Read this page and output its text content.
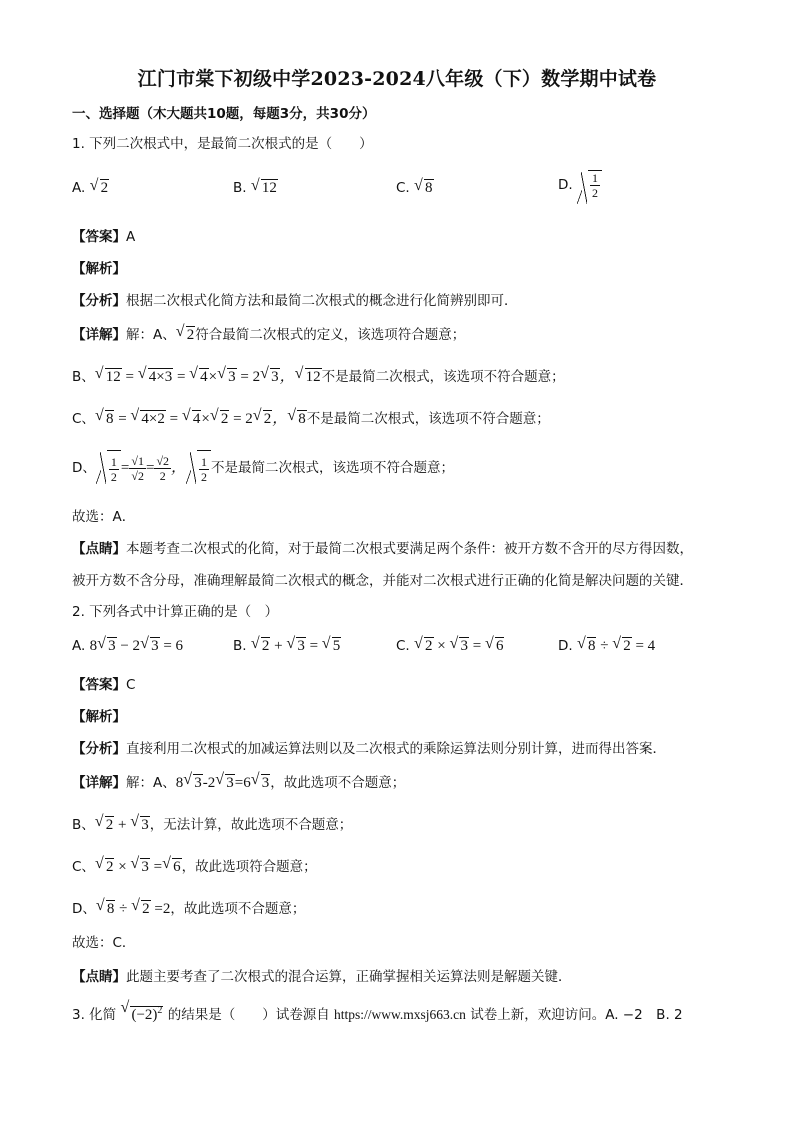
江门市棠下初级中学2023-2024八年级（下）数学期中试卷
一、选择题（木大题共10题，每题3分，共30分）
1. 下列二次根式中，是最简二次根式的是（　　）
A. √ 2	B. √ 12	C. √ 8	D. $\frac{1}{2}$
【答案】A
【解析】
【分析】根据二次根式化简方法和最简二次根式的概念进行化简辨别即可．
【详解】解：A、 √ 2符合最简二次根式的定义，该选项符合题意；
B、 √ 12 = √ 4×3 = √ 4× √ 3 = 2 √ 3， √ 12不是最简二次根式，该选项不符合题意；
C、 √ 8 = √ 4×2 = √ 4× √ 2 = 2 √ 2， √ 8不是最简二次根式，该选项不符合题意；
D、 $\frac{1}{2} = \frac{√1}{√2} = \frac{√2}{2}$ ， $\frac{1}{2}$ 不是最简二次根式，该选项不符合题意；
故选：A．
【点睛】本题考查二次根式的化简，对于最简二次根式要满足两个条件：被开方数不含开的尽方得因数，
被开方数不含分母，准确理解最简二次根式的概念，并能对二次根式进行正确的化简是解决问题的关键．
2. 下列各式中计算正确的是（　）
A. 8 √ 3 − 2 √ 3 = 6	B. √ 2 + √ 3 = √ 5	C. √ 2 × √ 3 = √ 6	D. √ 8 ÷ √ 2 = 4
【答案】C
【解析】
【分析】直接利用二次根式的加减运算法则以及二次根式的乘除运算法则分别计算，进而得出答案．
【详解】解：A、8 √ 3-2 √ 3=6 √ 3，故此选项不合题意；
B、 √ 2 + √ 3，无法计算，故此选项不合题意；
C、 √ 2 × √ 3 = √ 6，故此选项符合题意；
D、 √ 8 ÷ √ 2 =2，故此选项不合题意；
故选：C．
【点睛】此题主要考查了二次根式的混合运算，正确掌握相关运算法则是解题关键．
3. 化简 √ $(-2)^2$ 的结果是（　　）试卷源自 https://www.mxsj663.cn 试卷上新，欢迎访问。A. −2　B. 2
